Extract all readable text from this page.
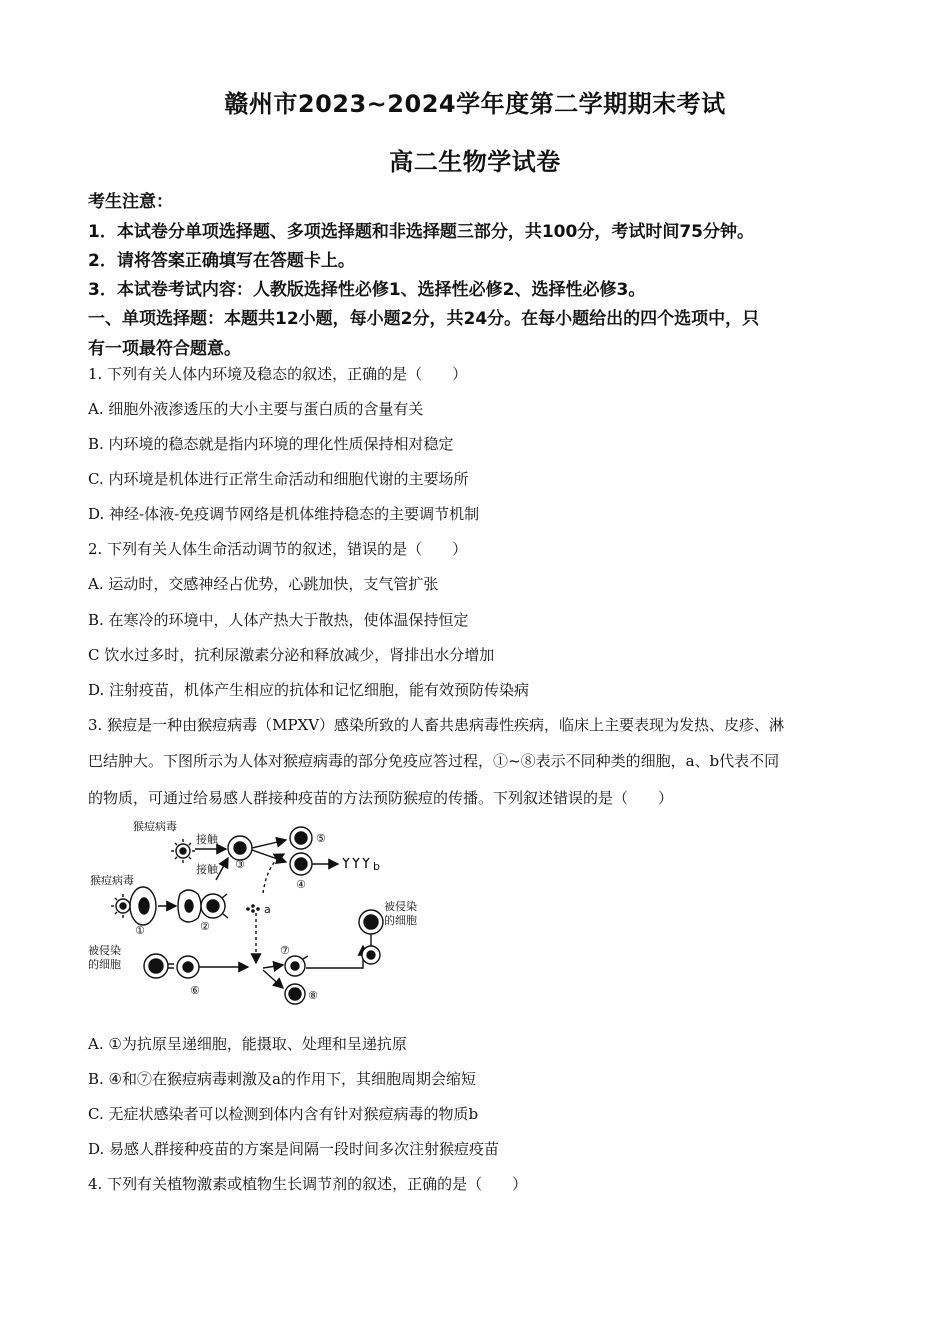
赣州市2023~2024学年度第二学期期末考试
高二生物学试卷
考生注意：
1．本试卷分单项选择题、多项选择题和非选择题三部分，共100分，考试时间75分钟。
2．请将答案正确填写在答题卡上。
3．本试卷考试内容：人教版选择性必修1、选择性必修2、选择性必修3。
一、单项选择题：本题共12小题，每小题2分，共24分。在每小题给出的四个选项中，只
有一项最符合题意。
1. 下列有关人体内环境及稳态的叙述，正确的是（　　）
A. 细胞外液渗透压的大小主要与蛋白质的含量有关
B. 内环境的稳态就是指内环境的理化性质保持相对稳定
C. 内环境是机体进行正常生命活动和细胞代谢的主要场所
D. 神经-体液-免疫调节网络是机体维持稳态的主要调节机制
2. 下列有关人体生命活动调节的叙述，错误的是（　　）
A. 运动时，交感神经占优势，心跳加快，支气管扩张
B. 在寒冷的环境中，人体产热大于散热，使体温保持恒定
C 饮水过多时，抗利尿激素分泌和释放减少，肾排出水分增加
D. 注射疫苗，机体产生相应的抗体和记忆细胞，能有效预防传染病
3. 猴痘是一种由猴痘病毒（MPXV）感染所致的人畜共患病毒性疾病，临床上主要表现为发热、皮疹、淋
巴结肿大。下图所示为人体对猴痘病毒的部分免疫应答过程，①~⑧表示不同种类的细胞，a、b代表不同
的物质，可通过给易感人群接种疫苗的方法预防猴痘的传播。下列叙述错误的是（　　）
猴痘病毒
接触
接触
猴痘病毒
b
a
③
⑤
④
①	②
⑥
⑦
⑧
被侵染的细胞
被侵染的细胞
A. ①为抗原呈递细胞，能摄取、处理和呈递抗原
B. ④和⑦在猴痘病毒刺激及a的作用下，其细胞周期会缩短
C. 无症状感染者可以检测到体内含有针对猴痘病毒的物质b
D. 易感人群接种疫苗的方案是间隔一段时间多次注射猴痘疫苗
4. 下列有关植物激素或植物生长调节剂的叙述，正确的是（　　）
